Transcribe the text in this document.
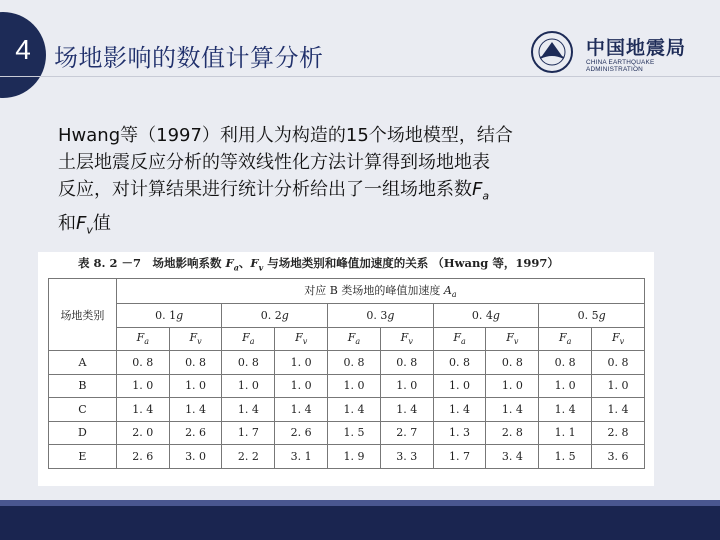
4 场地影响的数值计算分析	中国地震局
CHINA EARTHQUAKE ADMINISTRATION
Hwang等（1997）利用人为构造的15个场地模型，结合
土层地震反应分析的等效线性化方法计算得到场地地表
反应，对计算结果进行统计分析给出了一组场地系数$F_a$
和$F_v$值
表 8. 2 －7　场地影响系数 $F_a$、$F_v$ 与场地类别和峰值加速度的关系 （Hwang 等，1997）
场地类别	对应 B 类场地的峰值加速度 $A_a$
	0. 1g		0. 2g		0. 3g		0. 4g		0. 5g	
	$F_a$	$F_v$	$F_a$	$F_v$	$F_a$	$F_v$	$F_a$	$F_v$	$F_a$	$F_v$
A	0. 8	0. 8	0. 8	1. 0	0. 8	0. 8	0. 8	0. 8	0. 8	0. 8
B	1. 0	1. 0	1. 0	1. 0	1. 0	1. 0	1. 0	1. 0	1. 0	1. 0
C	1. 4	1. 4	1. 4	1. 4	1. 4	1. 4	1. 4	1. 4	1. 4	1. 4
D	2. 0	2. 6	1. 7	2. 6	1. 5	2. 7	1. 3	2. 8	1. 1	2. 8
E	2. 6	3. 0	2. 2	3. 1	1. 9	3. 3	1. 7	3. 4	1. 5	3. 6
